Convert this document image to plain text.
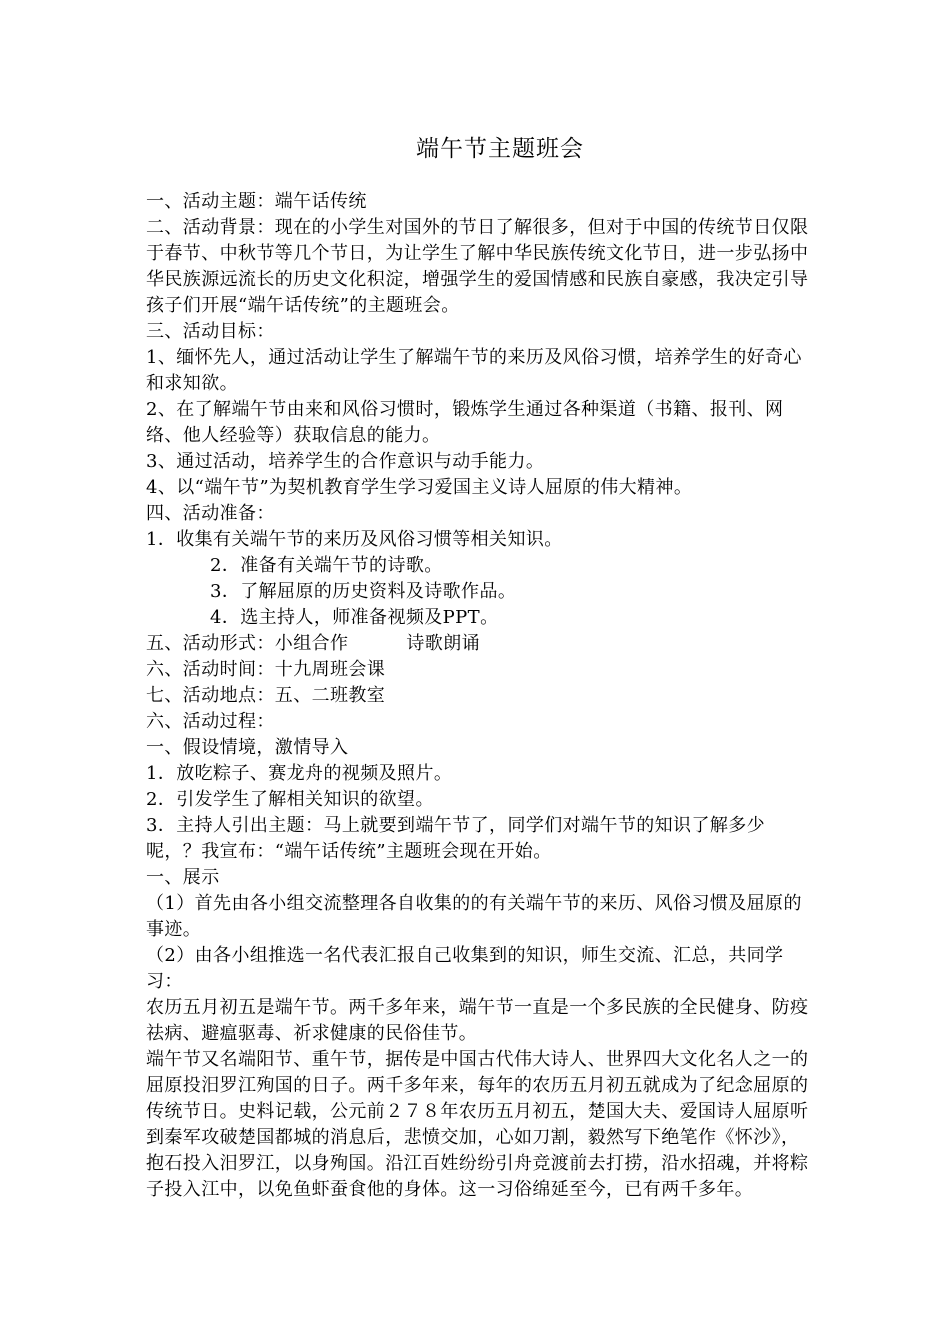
端午节主题班会

一、活动主题：端午话传统

二、活动背景：现在的小学生对国外的节日了解很多，但对于中国的传统节日仅限于春节、中秋节等几个节日，为让学生了解中华民族传统文化节日，进一步弘扬中华民族源远流长的历史文化积淀，增强学生的爱国情感和民族自豪感，我决定引导孩子们开展“端午话传统”的主题班会。

三、活动目标：

1、缅怀先人，通过活动让学生了解端午节的来历及风俗习惯，培养学生的好奇心和求知欲。

2、在了解端午节由来和风俗习惯时，锻炼学生通过各种渠道（书籍、报刊、网络、他人经验等）获取信息的能力。

3、通过活动，培养学生的合作意识与动手能力。

4、以“端午节”为契机教育学生学习爱国主义诗人屈原的伟大精神。

四、活动准备：

1．收集有关端午节的来历及风俗习惯等相关知识。

2．准备有关端午节的诗歌。

3．了解屈原的历史资料及诗歌作品。

4．选主持人，师准备视频及PPT。

五、活动形式：小组合作	诗歌朗诵

六、活动时间：十九周班会课

七、活动地点：五、二班教室

六、活动过程：

一、假设情境，激情导入

1．放吃粽子、赛龙舟的视频及照片。

2．引发学生了解相关知识的欲望。

3．主持人引出主题：马上就要到端午节了，同学们对端午节的知识了解多少呢，？我宣布：“端午话传统”主题班会现在开始。

一、展示

（1）首先由各小组交流整理各自收集的的有关端午节的来历、风俗习惯及屈原的事迹。

（2）由各小组推选一名代表汇报自己收集到的知识，师生交流、汇总，共同学习：

农历五月初五是端午节。两千多年来，端午节一直是一个多民族的全民健身、防疫祛病、避瘟驱毒、祈求健康的民俗佳节。

端午节又名端阳节、重午节，据传是中国古代伟大诗人、世界四大文化名人之一的屈原投汨罗江殉国的日子。两千多年来，每年的农历五月初五就成为了纪念屈原的传统节日。史料记载，公元前２７８年农历五月初五，楚国大夫、爱国诗人屈原听到秦军攻破楚国都城的消息后，悲愤交加，心如刀割，毅然写下绝笔作《怀沙》，抱石投入汨罗江，以身殉国。沿江百姓纷纷引舟竞渡前去打捞，沿水招魂，并将粽子投入江中，以免鱼虾蚕食他的身体。这一习俗绵延至今，已有两千多年。
